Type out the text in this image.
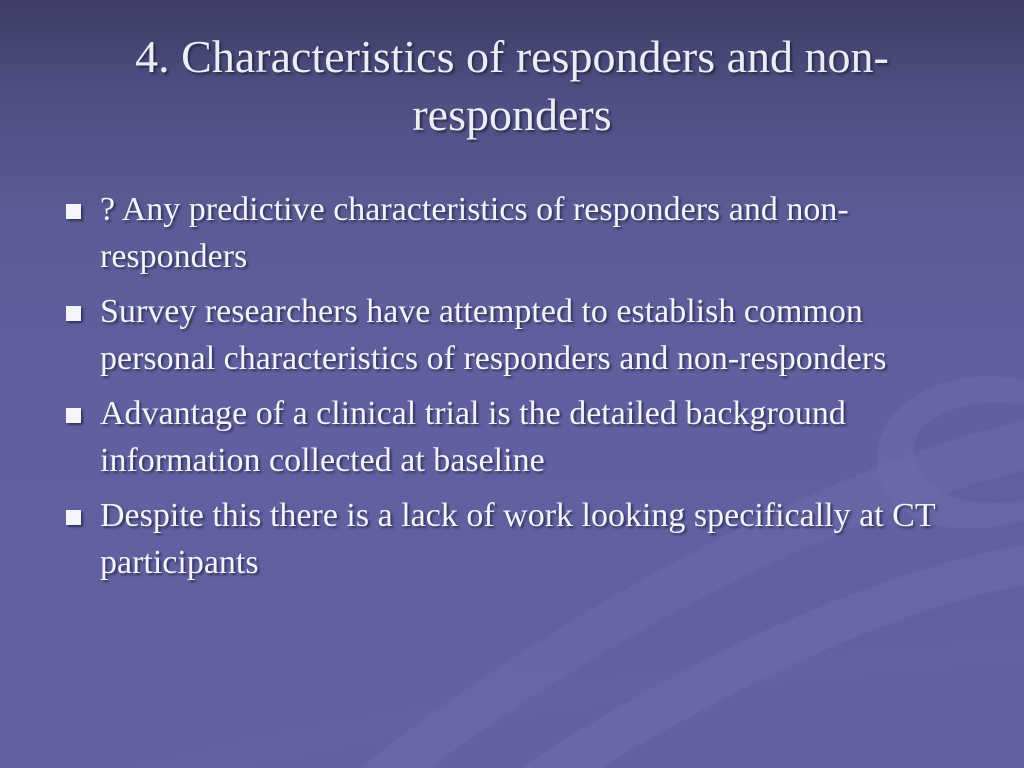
4. Characteristics of responders and non-responders
? Any predictive characteristics of responders and non-responders
Survey researchers have attempted to establish common personal characteristics of responders and non-responders
Advantage of a clinical trial is the detailed background information collected at baseline
Despite this there is a lack of work looking specifically at CT participants
